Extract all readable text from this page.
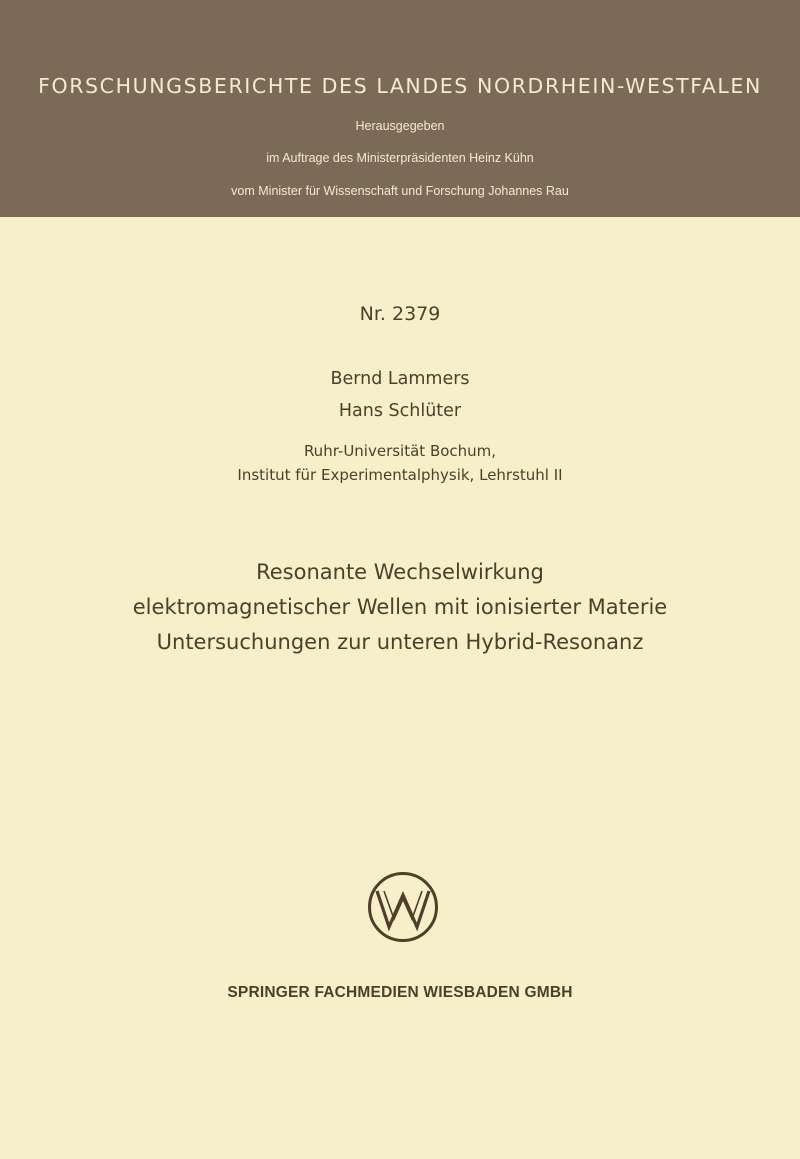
FORSCHUNGSBERICHTE DES LANDES NORDRHEIN-WESTFALEN
Herausgegeben
im Auftrage des Ministerpräsidenten Heinz Kühn
vom Minister für Wissenschaft und Forschung Johannes Rau
Nr. 2379
Bernd Lammers
Hans Schlüter
Ruhr-Universität Bochum,
Institut für Experimentalphysik, Lehrstuhl II
Resonante Wechselwirkung
elektromagnetischer Wellen mit ionisierter Materie
Untersuchungen zur unteren Hybrid-Resonanz
SPRINGER FACHMEDIEN WIESBADEN GMBH
